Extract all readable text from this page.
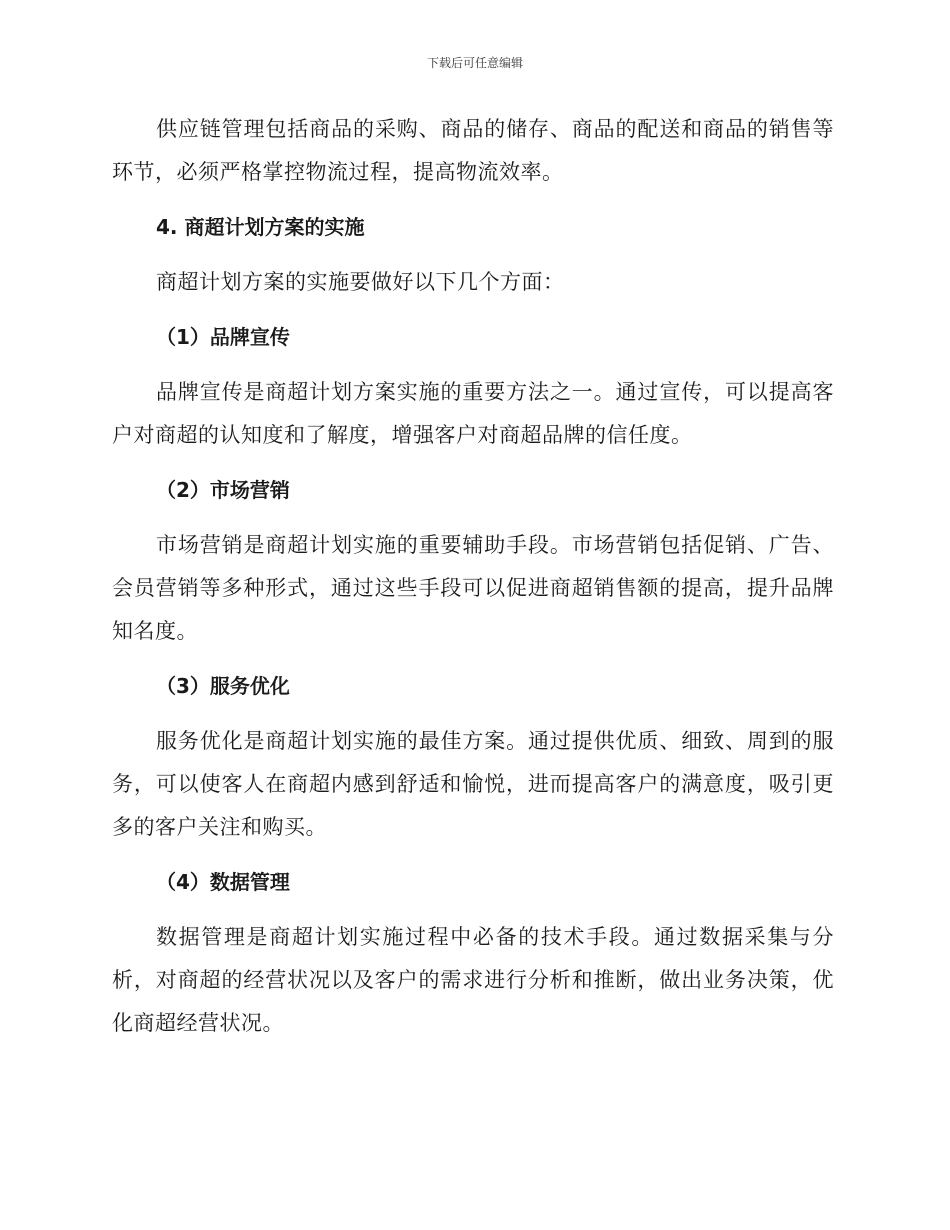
下载后可任意编辑

供应链管理包括商品的采购、商品的储存、商品的配送和商品的销售等环节，必须严格掌控物流过程，提高物流效率。

4. 商超计划方案的实施

商超计划方案的实施要做好以下几个方面：

（1）品牌宣传

品牌宣传是商超计划方案实施的重要方法之一。通过宣传，可以提高客户对商超的认知度和了解度，增强客户对商超品牌的信任度。

（2）市场营销

市场营销是商超计划实施的重要辅助手段。市场营销包括促销、广告、会员营销等多种形式，通过这些手段可以促进商超销售额的提高，提升品牌知名度。

（3）服务优化

服务优化是商超计划实施的最佳方案。通过提供优质、细致、周到的服务，可以使客人在商超内感到舒适和愉悦，进而提高客户的满意度，吸引更多的客户关注和购买。

（4）数据管理

数据管理是商超计划实施过程中必备的技术手段。通过数据采集与分析，对商超的经营状况以及客户的需求进行分析和推断，做出业务决策，优化商超经营状况。
